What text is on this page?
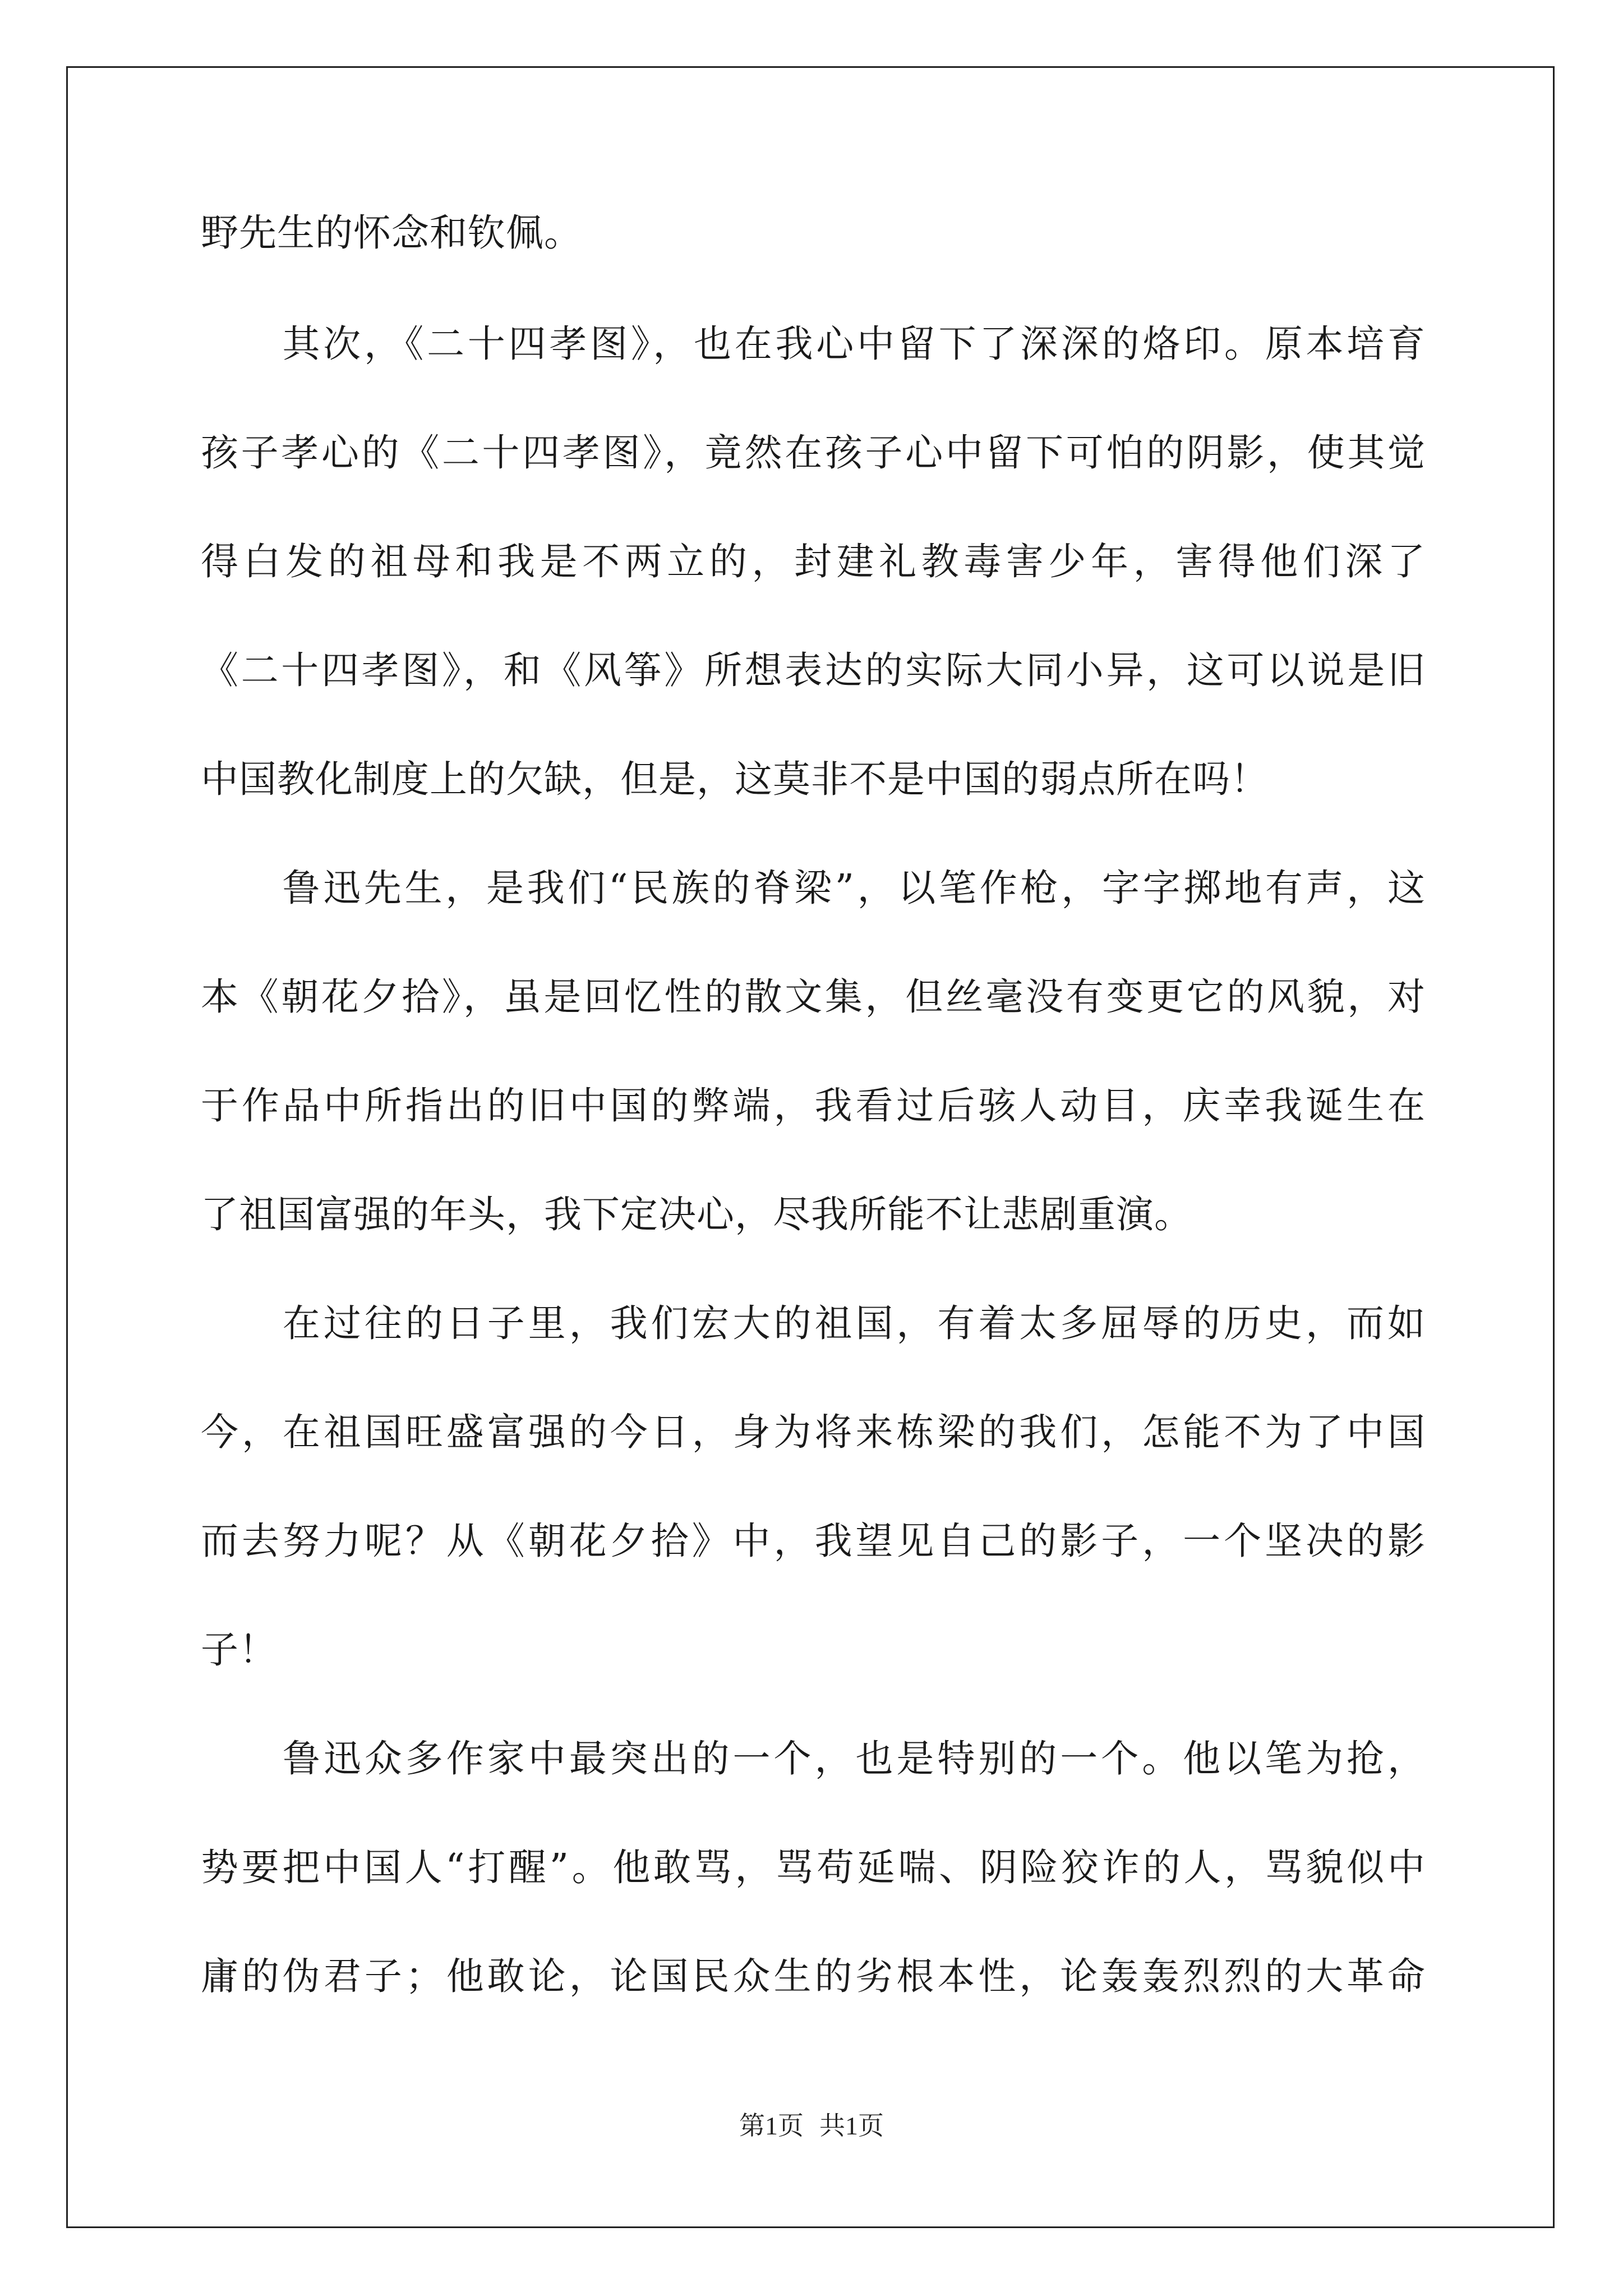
野先生的怀念和钦佩。
　　其次，《二十四孝图》，也在我心中留下了深深的烙印。原本培育
孩子孝心的《二十四孝图》，竟然在孩子心中留下可怕的阴影，使其觉
得白发的祖母和我是不两立的，封建礼教毒害少年，害得他们深了
《二十四孝图》，和《风筝》所想表达的实际大同小异，这可以说是旧
中国教化制度上的欠缺，但是，这莫非不是中国的弱点所在吗！
　　鲁迅先生，是我们“民族的脊梁”，以笔作枪，字字掷地有声，这
本《朝花夕拾》，虽是回忆性的散文集，但丝毫没有变更它的风貌，对
于作品中所指出的旧中国的弊端，我看过后骇人动目，庆幸我诞生在
了祖国富强的年头，我下定决心，尽我所能不让悲剧重演。
　　在过往的日子里，我们宏大的祖国，有着太多屈辱的历史，而如
今，在祖国旺盛富强的今日，身为将来栋梁的我们，怎能不为了中国
而去努力呢？从《朝花夕拾》中，我望见自己的影子，一个坚决的影
子！
　　鲁迅众多作家中最突出的一个，也是特别的一个。他以笔为抢，
势要把中国人“打醒”。他敢骂，骂苟延喘、阴险狡诈的人，骂貌似中
庸的伪君子；他敢论，论国民众生的劣根本性，论轰轰烈烈的大革命
第1页 共1页
